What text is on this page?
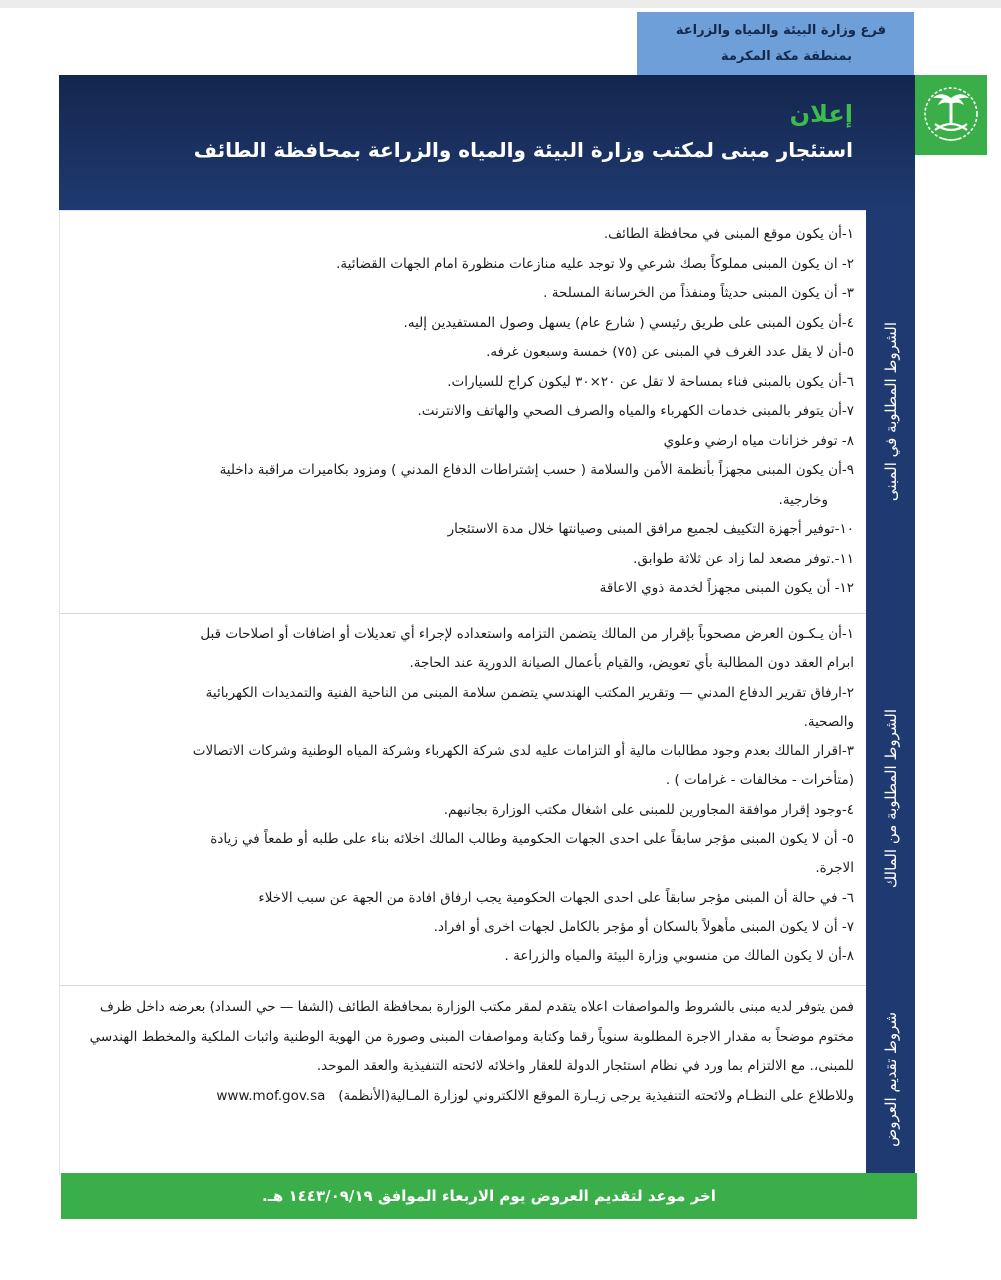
فرع وزارة البيئة والمياه والزراعة
بمنطقة مكة المكرمة
إعلان
استئجار مبنى لمكتب وزارة البيئة والمياه والزراعة بمحافظة الطائف
الشروط المطلوبة في المبنى

١-أن يكون موقع المبنى في محافظة الطائف.

٢- ان يكون المبنى مملوكاً بصك شرعي ولا توجد عليه منازعات منظورة امام الجهات القضائية.

٣- أن يكون المبنى حديثاً ومنفذاً من الخرسانة المسلحة .

٤-أن يكون المبنى على طريق رئيسي ( شارع عام) يسهل وصول المستفيدين إليه.

٥-أن لا يقل عدد الغرف في المبنى عن (٧٥) خمسة وسبعون غرفه.

٦-أن يكون بالمبنى فناء بمساحة لا تقل عن ٢٠×٣٠ ليكون كراج للسيارات.

٧-أن يتوفر بالمبنى خدمات الكهرباء والمياه والصرف الصحي والهاتف والانترنت.

٨- توفر خزانات مياه ارضي وعلوي

٩-أن يكون المبنى مجهزاً بأنظمة الأمن والسلامة ( حسب إشتراطات الدفاع المدني ) ومزود بكاميرات مراقبة داخلية

وخارجية.

١٠-توفير أجهزة التكييف لجميع مرافق المبنى وصيانتها خلال مدة الاستئجار

١١-.توفر مصعد لما زاد عن ثلاثة طوابق.

١٢- أن يكون المبنى مجهزاً لخدمة ذوي الاعاقة

الشروط المطلوبة من المالك

١-أن يـكـون العرض مصحوباً بإقرار من المالك يتضمن التزامه واستعداده لإجراء أي تعديلات أو اضافات أو اصلاحات قبل

ابرام العقد دون المطالبة بأي تعويض، والقيام بأعمال الصيانة الدورية عند الحاجة.

٢-ارفاق تقرير الدفاع المدني — وتقرير المكتب الهندسي يتضمن سلامة المبنى من الناحية الفنية والتمديدات الكهربائية

والصحية.

٣-اقرار المالك بعدم وجود مطالبات مالية أو التزامات عليه لدى شركة الكهرباء وشركة المياه الوطنية وشركات الاتصالات

(متأخرات - مخالفات - غرامات ) .

٤-وجود إقرار موافقة المجاورين للمبنى على اشغال مكتب الوزارة بجانبهم.

٥- أن لا يكون المبنى مؤجر سابقاً على احدى الجهات الحكومية وطالب المالك اخلائه بناء على طلبه أو طمعاً في زيادة

الاجرة.

٦- في حالة أن المبنى مؤجر سابقاً على احدى الجهات الحكومية يجب ارفاق افادة من الجهة عن سبب الاخلاء

٧- أن لا يكون المبنى مأهولاً بالسكان أو مؤجر بالكامل لجهات اخرى أو افراد.

٨-أن لا يكون المالك من منسوبي وزارة البيئة والمياه والزراعة .

شروط تقديم العروض

فمن يتوفر لديه مبنى بالشروط والمواصفات اعلاه يتقدم لمقر مكتب الوزارة بمحافظة الطائف (الشفا — حي السداد) بعرضه داخل ظرف مختوم موضحاً به مقدار الاجرة المطلوبة سنوياً رقما وكتابة ومواصفات المبنى وصورة من الهوية الوطنية واثبات الملكية والمخطط الهندسي للمبنى،. مع الالتزام بما ورد في نظام استئجار الدولة للعقار واخلائه لائحته التنفيذية والعقد الموحد.

وللاطلاع على النظـام ولائحته التنفيذية يرجى زيـارة الموقع الالكتروني لوزارة المـالية(الأنظمة)   www.mof.gov.sa

اخر موعد لتقديم العروض يوم الاربعاء الموافق ١٤٤٣/٠٩/١٩ هـ.
